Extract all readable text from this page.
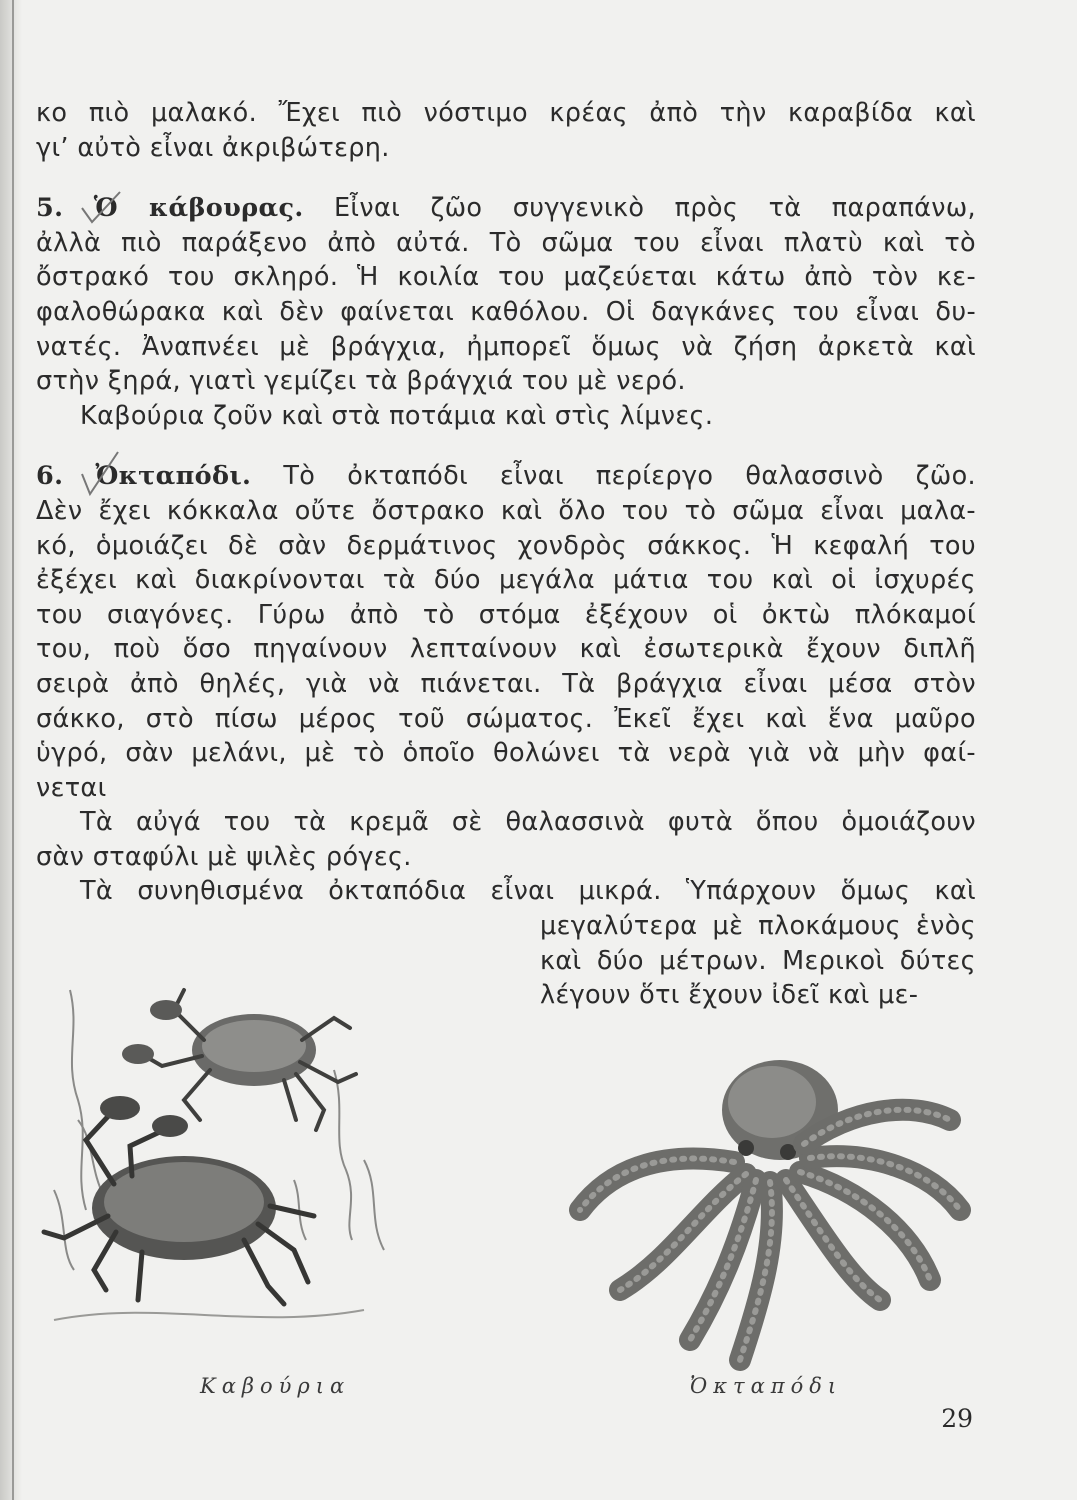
κο πιὸ μαλακό. Ἔχει πιὸ νόστιμο κρέας ἀπὸ τὴν καραβίδα καὶ
γι’ αὐτὸ εἶναι ἀκριβώτερη.
5. Ὁ κάβουρας. Εἶναι ζῶο συγγενικὸ πρὸς τὰ παραπάνω,
ἀλλὰ πιὸ παράξενο ἀπὸ αὐτά. Τὸ σῶμα του εἶναι πλατὺ καὶ τὸ
ὄστρακό του σκληρό. Ἡ κοιλία του μαζεύεται κάτω ἀπὸ τὸν κε-
φαλοθώρακα καὶ δὲν φαίνεται καθόλου. Οἱ δαγκάνες του εἶναι δυ-
νατές. Ἀναπνέει μὲ βράγχια, ἠμπορεῖ ὅμως νὰ ζήση ἀρκετὰ καὶ
στὴν ξηρά, γιατὶ γεμίζει τὰ βράγχιά του μὲ νερό.
Καβούρια ζοῦν καὶ στὰ ποτάμια καὶ στὶς λίμνες.
6. Ὀκταπόδι. Τὸ ὀκταπόδι εἶναι περίεργο θαλασσινὸ ζῶο.
Δὲν ἔχει κόκκαλα οὔτε ὄστρακο καὶ ὅλο του τὸ σῶμα εἶναι μαλα-
κό, ὁμοιάζει δὲ σὰν δερμάτινος χονδρὸς σάκκος. Ἡ κεφαλή του
ἐξέχει καὶ διακρίνονται τὰ δύο μεγάλα μάτια του καὶ οἱ ἰσχυρές
του σιαγόνες. Γύρω ἀπὸ τὸ στόμα ἐξέχουν οἱ ὀκτὼ πλόκαμοί
του, ποὺ ὅσο πηγαίνουν λεπταίνουν καὶ ἐσωτερικὰ ἔχουν διπλῆ
σειρὰ ἀπὸ θηλές, γιὰ νὰ πιάνεται. Τὰ βράγχια εἶναι μέσα στὸν
σάκκο, στὸ πίσω μέρος τοῦ σώματος. Ἐκεῖ ἔχει καὶ ἕνα μαῦρο
ὑγρό, σὰν μελάνι, μὲ τὸ ὁποῖο θολώνει τὰ νερὰ γιὰ νὰ μὴν φαί-
νεται
Τὰ αὐγά του τὰ κρεμᾶ σὲ θαλασσινὰ φυτὰ ὅπου ὁμοιάζουν
σὰν σταφύλι μὲ ψιλὲς ρόγες.
Τὰ συνηθισμένα ὀκταπόδια εἶναι μικρά. Ὑπάρχουν ὅμως καὶ
μεγαλύτερα μὲ πλοκάμους ἑνὸς
καὶ δύο μέτρων. Μερικοὶ δύτες
λέγουν ὅτι ἔχουν ἰδεῖ καὶ με-
Καβούρια	Ὀκταπόδι
29
